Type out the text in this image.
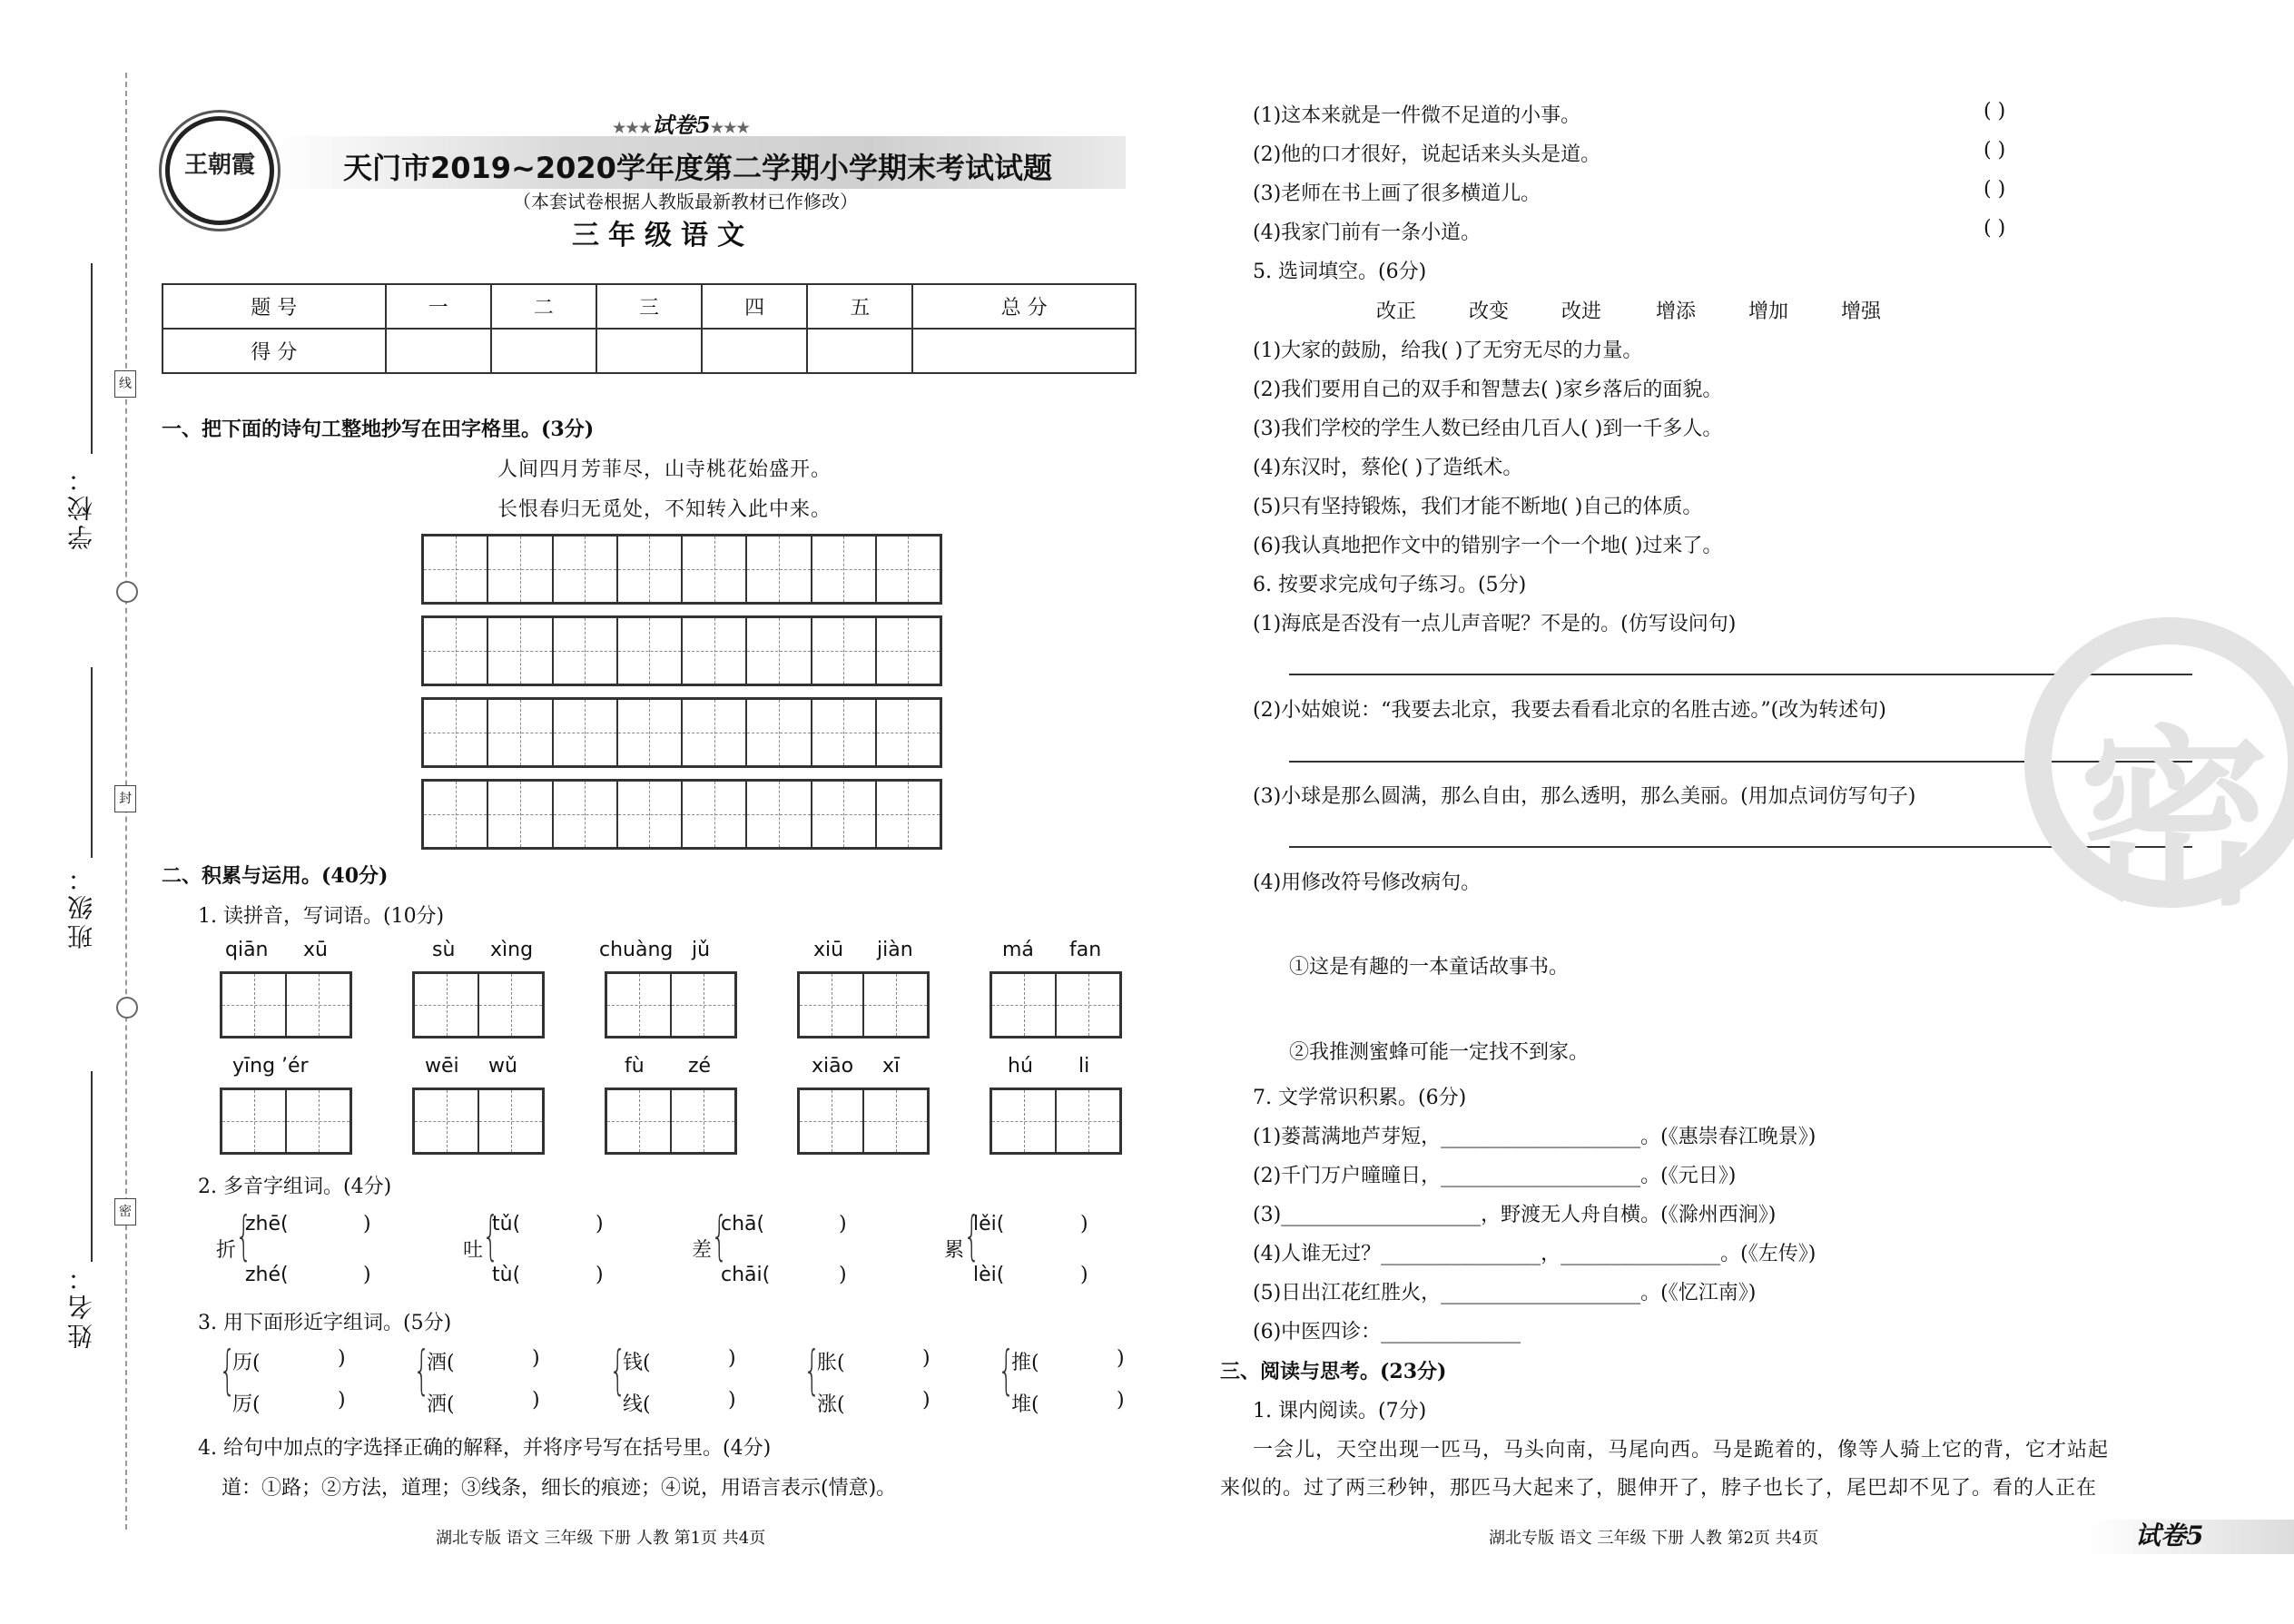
学校：
班级：
姓名：
线
封
密
王朝霞
★★★试卷5★★★
天门市2019~2020学年度第二学期小学期末考试试题
（本套试卷根据人教版最新教材已作修改）
三年级语文
题 号	一	二	三	四	五	总 分
得 分						
一、把下面的诗句工整地抄写在田字格里。(3分)
人间四月芳菲尽，山寺桃花始盛开。
长恨春归无觅处，不知转入此中来。
二、积累与运用。(40分)
1. 读拼音，写词语。(10分)
qiān xū	sù xìng	chuàng jǔ	xiū jiàn	má fan
yīng ’ér	wēi wǔ	fù zé	xiāo xī	hú li
2. 多音字组词。(4分)
折 {
zhē(	)
zhé(	)
吐 {
tǔ(	)
tù(	)
差 {
chā(	)
chāi(	)
累 {
lěi(	)
lèi(	)
3. 用下面形近字组词。(5分)
{
历(	)
厉(	) {
酒(	)
洒(	) {
钱(	)
线(	) {
胀(	)
涨(	) {
推(	)
堆(	)
4. 给句中加点的字选择正确的解释，并将序号写在括号里。(4分)
道：①路；②方法，道理；③线条，细长的痕迹；④说，用语言表示(情意)。
(1)这本来就是一件微不足道的小事。	( )
(2)他的口才很好，说起话来头头是道。	( )
(3)老师在书上画了很多横道儿。	( )
(4)我家门前有一条小道。	( )
5. 选词填空。(6分)
改正	改变	改进	增添	增加	增强
(1)大家的鼓励，给我( )了无穷无尽的力量。
(2)我们要用自己的双手和智慧去( )家乡落后的面貌。
(3)我们学校的学生人数已经由几百人( )到一千多人。
(4)东汉时，蔡伦( )了造纸术。
(5)只有坚持锻炼，我们才能不断地( )自己的体质。
(6)我认真地把作文中的错别字一个一个地( )过来了。
6. 按要求完成句子练习。(5分)
(1)海底是否没有一点儿声音呢？不是的。(仿写设问句)
(2)小姑娘说：“我要去北京，我要去看看北京的名胜古迹。”(改为转述句)
(3)小球是那么圆满，那么自由，那么透明，那么美丽。(用加点词仿写句子)
(4)用修改符号修改病句。
①这是有趣的一本童话故事书。
②我推测蜜蜂可能一定找不到家。
7. 文学常识积累。(6分)
(1)蒌蒿满地芦芽短，____________________。(《惠崇春江晚景》)
(2)千门万户曈曈日，____________________。(《元日》)
(3)____________________，野渡无人舟自横。(《滁州西涧》)
(4)人谁无过？________________，________________。(《左传》)
(5)日出江花红胜火，____________________。(《忆江南》)
(6)中医四诊：______________
三、阅读与思考。(23分)
1. 课内阅读。(7分)
一会儿，天空出现一匹马，马头向南，马尾向西。马是跪着的，像等人骑上它的背，它才站起
来似的。过了两三秒钟，那匹马大起来了，腿伸开了，脖子也长了，尾巴却不见了。看的人正在
密
湖北专版 语文 三年级 下册 人教 第1页 共4页	湖北专版 语文 三年级 下册 人教 第2页 共4页	试卷5
